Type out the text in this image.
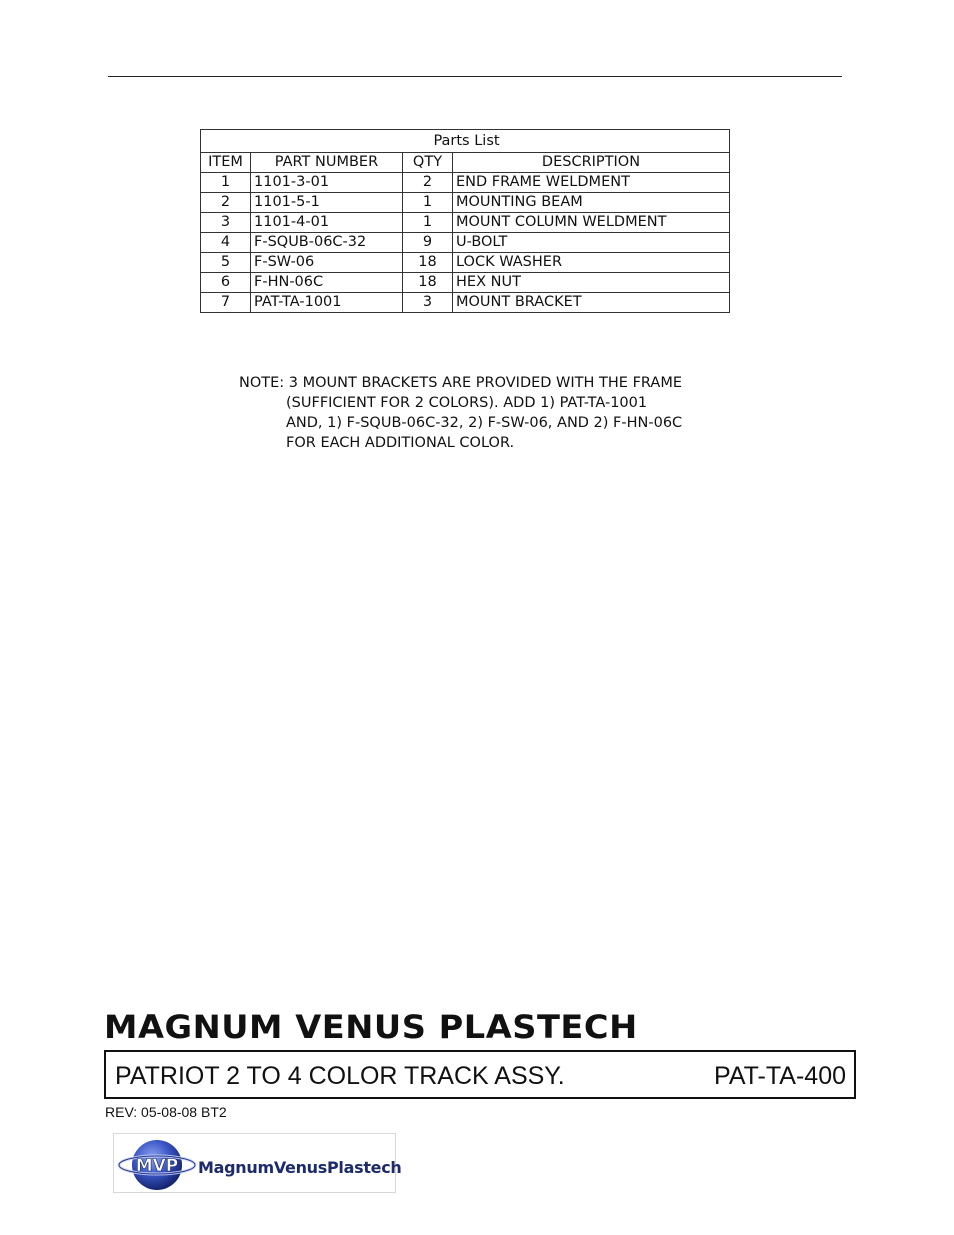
Parts List			
ITEM	PART NUMBER	QTY	DESCRIPTION
1	1101-3-01	2	END FRAME WELDMENT
2	1101-5-1	1	MOUNTING BEAM
3	1101-4-01	1	MOUNT COLUMN WELDMENT
4	F-SQUB-06C-32	9	U-BOLT
5	F-SW-06	18	LOCK WASHER
6	F-HN-06C	18	HEX NUT
7	PAT-TA-1001	3	MOUNT BRACKET
NOTE: 3 MOUNT BRACKETS ARE PROVIDED WITH THE FRAME
(SUFFICIENT FOR 2 COLORS). ADD 1) PAT-TA-1001
AND, 1) F-SQUB-06C-32, 2) F-SW-06, AND 2) F-HN-06C
FOR EACH ADDITIONAL COLOR.
MAGNUM VENUS PLASTECH
PATRIOT 2 TO 4 COLOR TRACK ASSY.	PAT-TA-400
REV: 05-08-08 BT2
MVP MagnumVenusPlastech
